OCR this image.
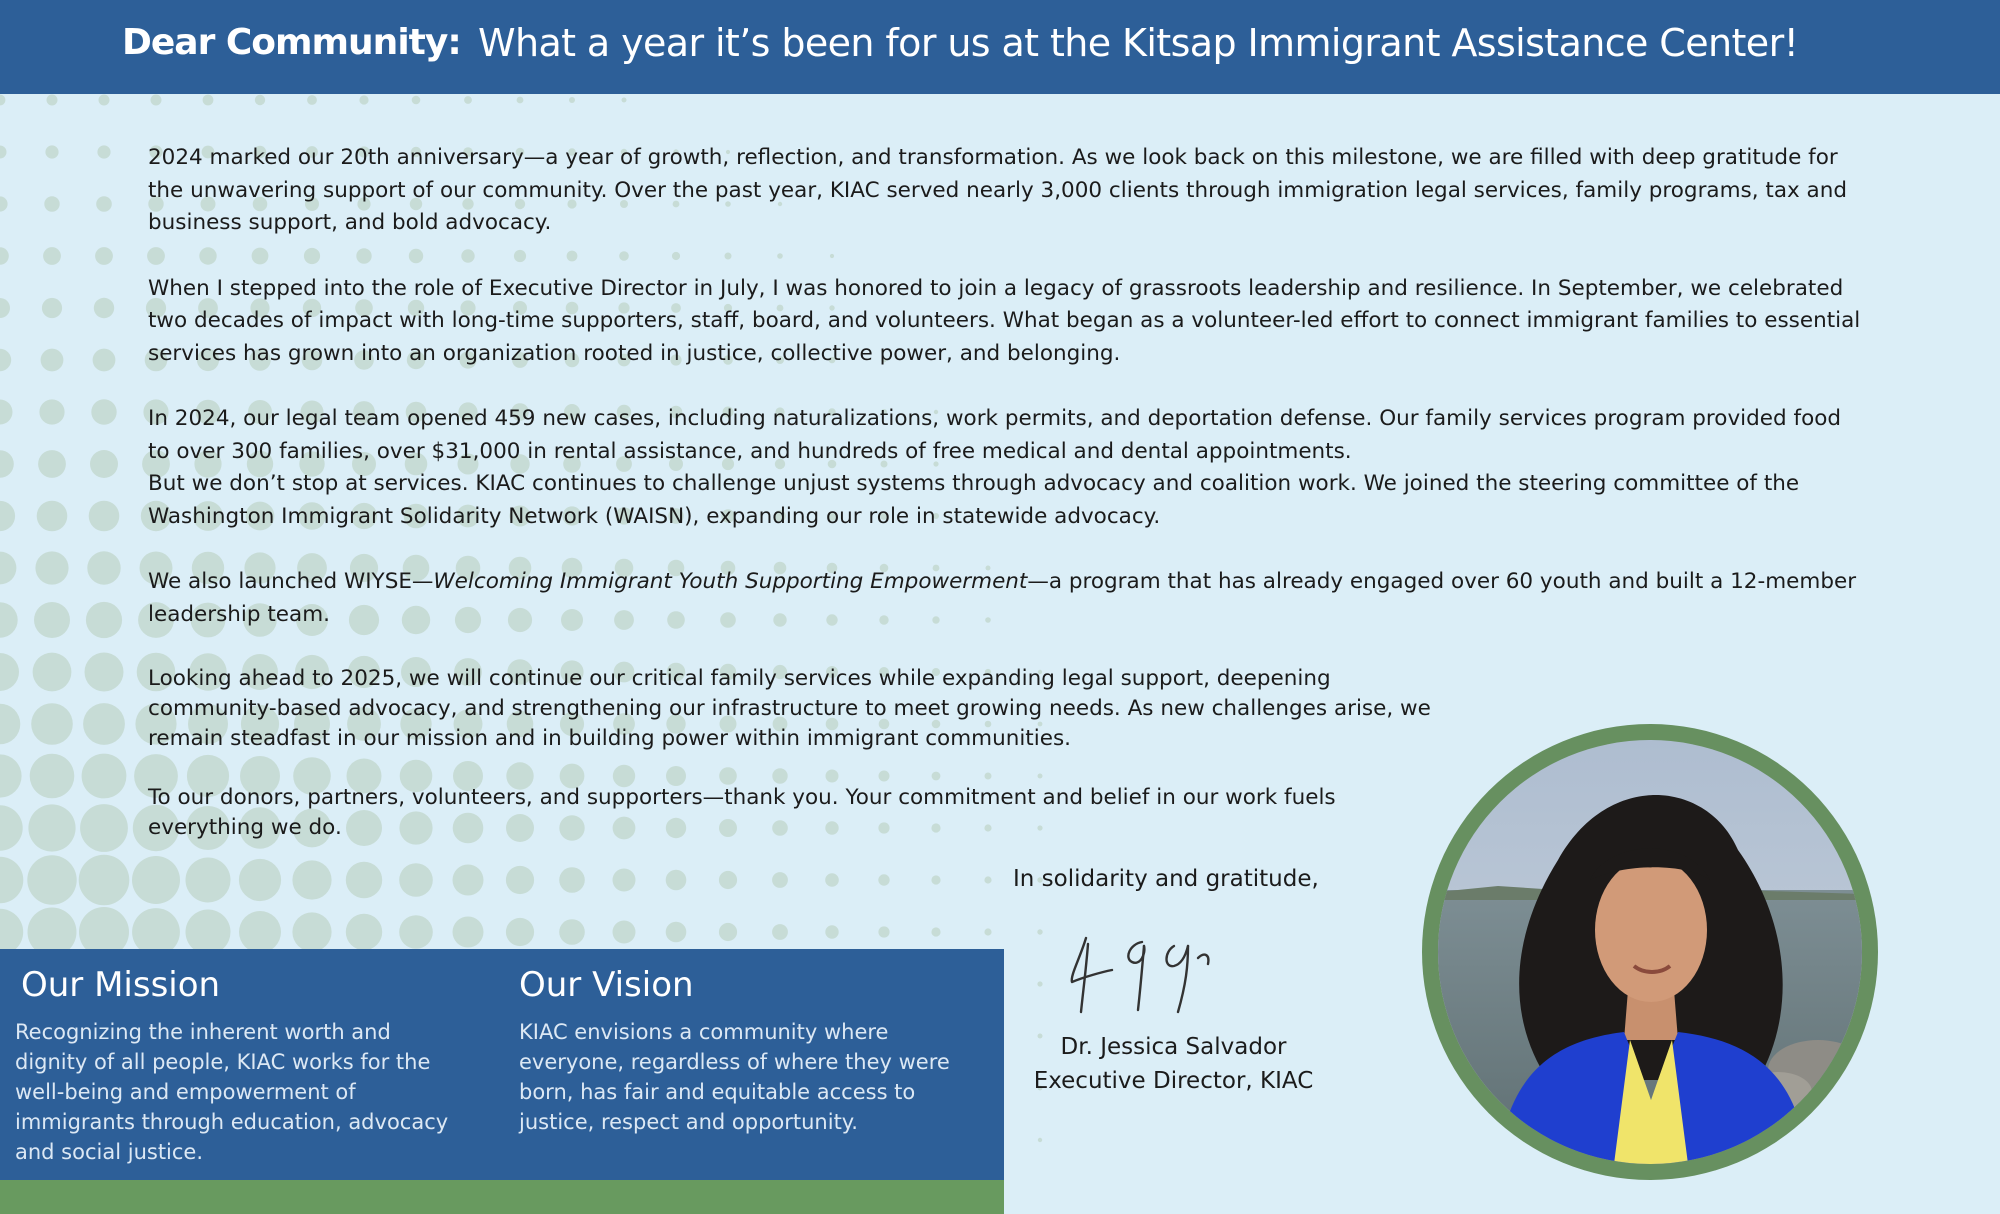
Dear Community: What a year it’s been for us at the Kitsap Immigrant Assistance Center!

2024 marked our 20th anniversary—a year of growth, reflection, and transformation. As we look back on this milestone, we are filled with deep gratitude for the unwavering support of our community. Over the past year, KIAC served nearly 3,000 clients through immigration legal services, family programs, tax and business support, and bold advocacy.

When I stepped into the role of Executive Director in July, I was honored to join a legacy of grassroots leadership and resilience. In September, we celebrated two decades of impact with long-time supporters, staff, board, and volunteers. What began as a volunteer-led effort to connect immigrant families to essential services has grown into an organization rooted in justice, collective power, and belonging.

In 2024, our legal team opened 459 new cases, including naturalizations, work permits, and deportation defense. Our family services program provided food to over 300 families, over $31,000 in rental assistance, and hundreds of free medical and dental appointments.

But we don’t stop at services. KIAC continues to challenge unjust systems through advocacy and coalition work. We joined the steering committee of the Washington Immigrant Solidarity Network (WAISN), expanding our role in statewide advocacy.

We also launched WIYSE—Welcoming Immigrant Youth Supporting Empowerment—a program that has already engaged over 60 youth and built a 12-member leadership team.

Looking ahead to 2025, we will continue our critical family services while expanding legal support, deepening community-based advocacy, and strengthening our infrastructure to meet growing needs. As new challenges arise, we remain steadfast in our mission and in building power within immigrant communities.

To our donors, partners, volunteers, and supporters—thank you. Your commitment and belief in our work fuels everything we do.

In solidarity and gratitude,
Dr. Jessica Salvador
Executive Director, KIAC
Our Mission
Recognizing the inherent worth and dignity of all people, KIAC works for the well-being and empowerment of immigrants through education, advocacy and social justice.
Our Vision
KIAC envisions a community where everyone, regardless of where they were born, has fair and equitable access to justice, respect and opportunity.
